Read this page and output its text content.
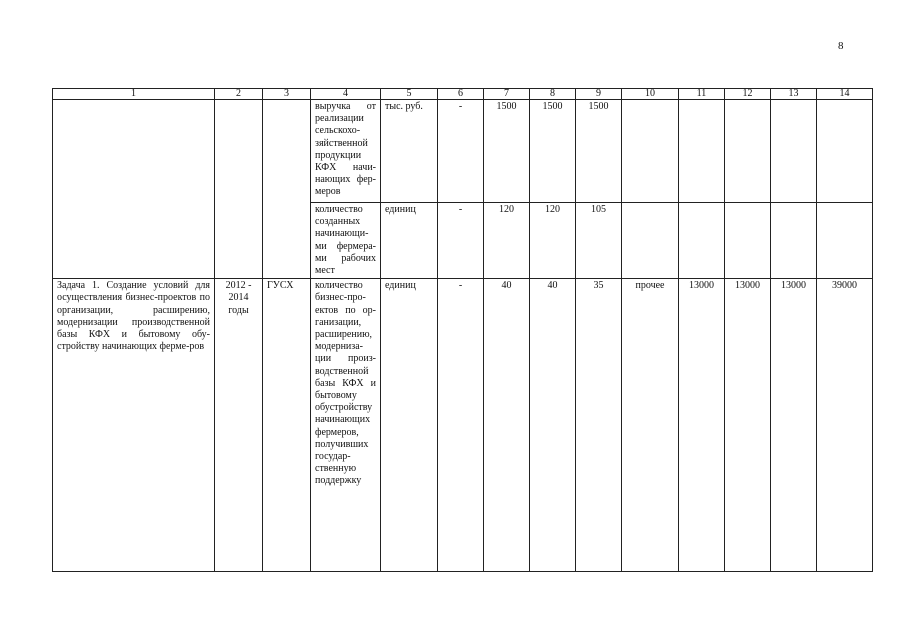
8
1	2	3	4	5	6	7	8	9	10	11	12	13	14
			выручка от реализации сельскохо-зяйственной продукции КФХ начи-нающих фер-меров	тыс. руб.	-	1500	1500	1500					
			количество созданных начинающи-ми фермера-ми рабочих мест	единиц	-	120	120	105					
Задача 1. Создание условий для осуществления бизнес-проектов по организации, расширению, модернизации производственной базы КФХ и бытовому обу-стройству начинающих ферме-ров	2012 - 2014 годы	ГУСХ	количество бизнес-про-ектов по ор-ганизации, расширению, модерниза-ции произ-водственной базы КФХ и бытовому обустройству начинающих фермеров, получивших государ-ственную поддержку	единиц	-	40	40	35	прочее	13000	13000	13000	39000
